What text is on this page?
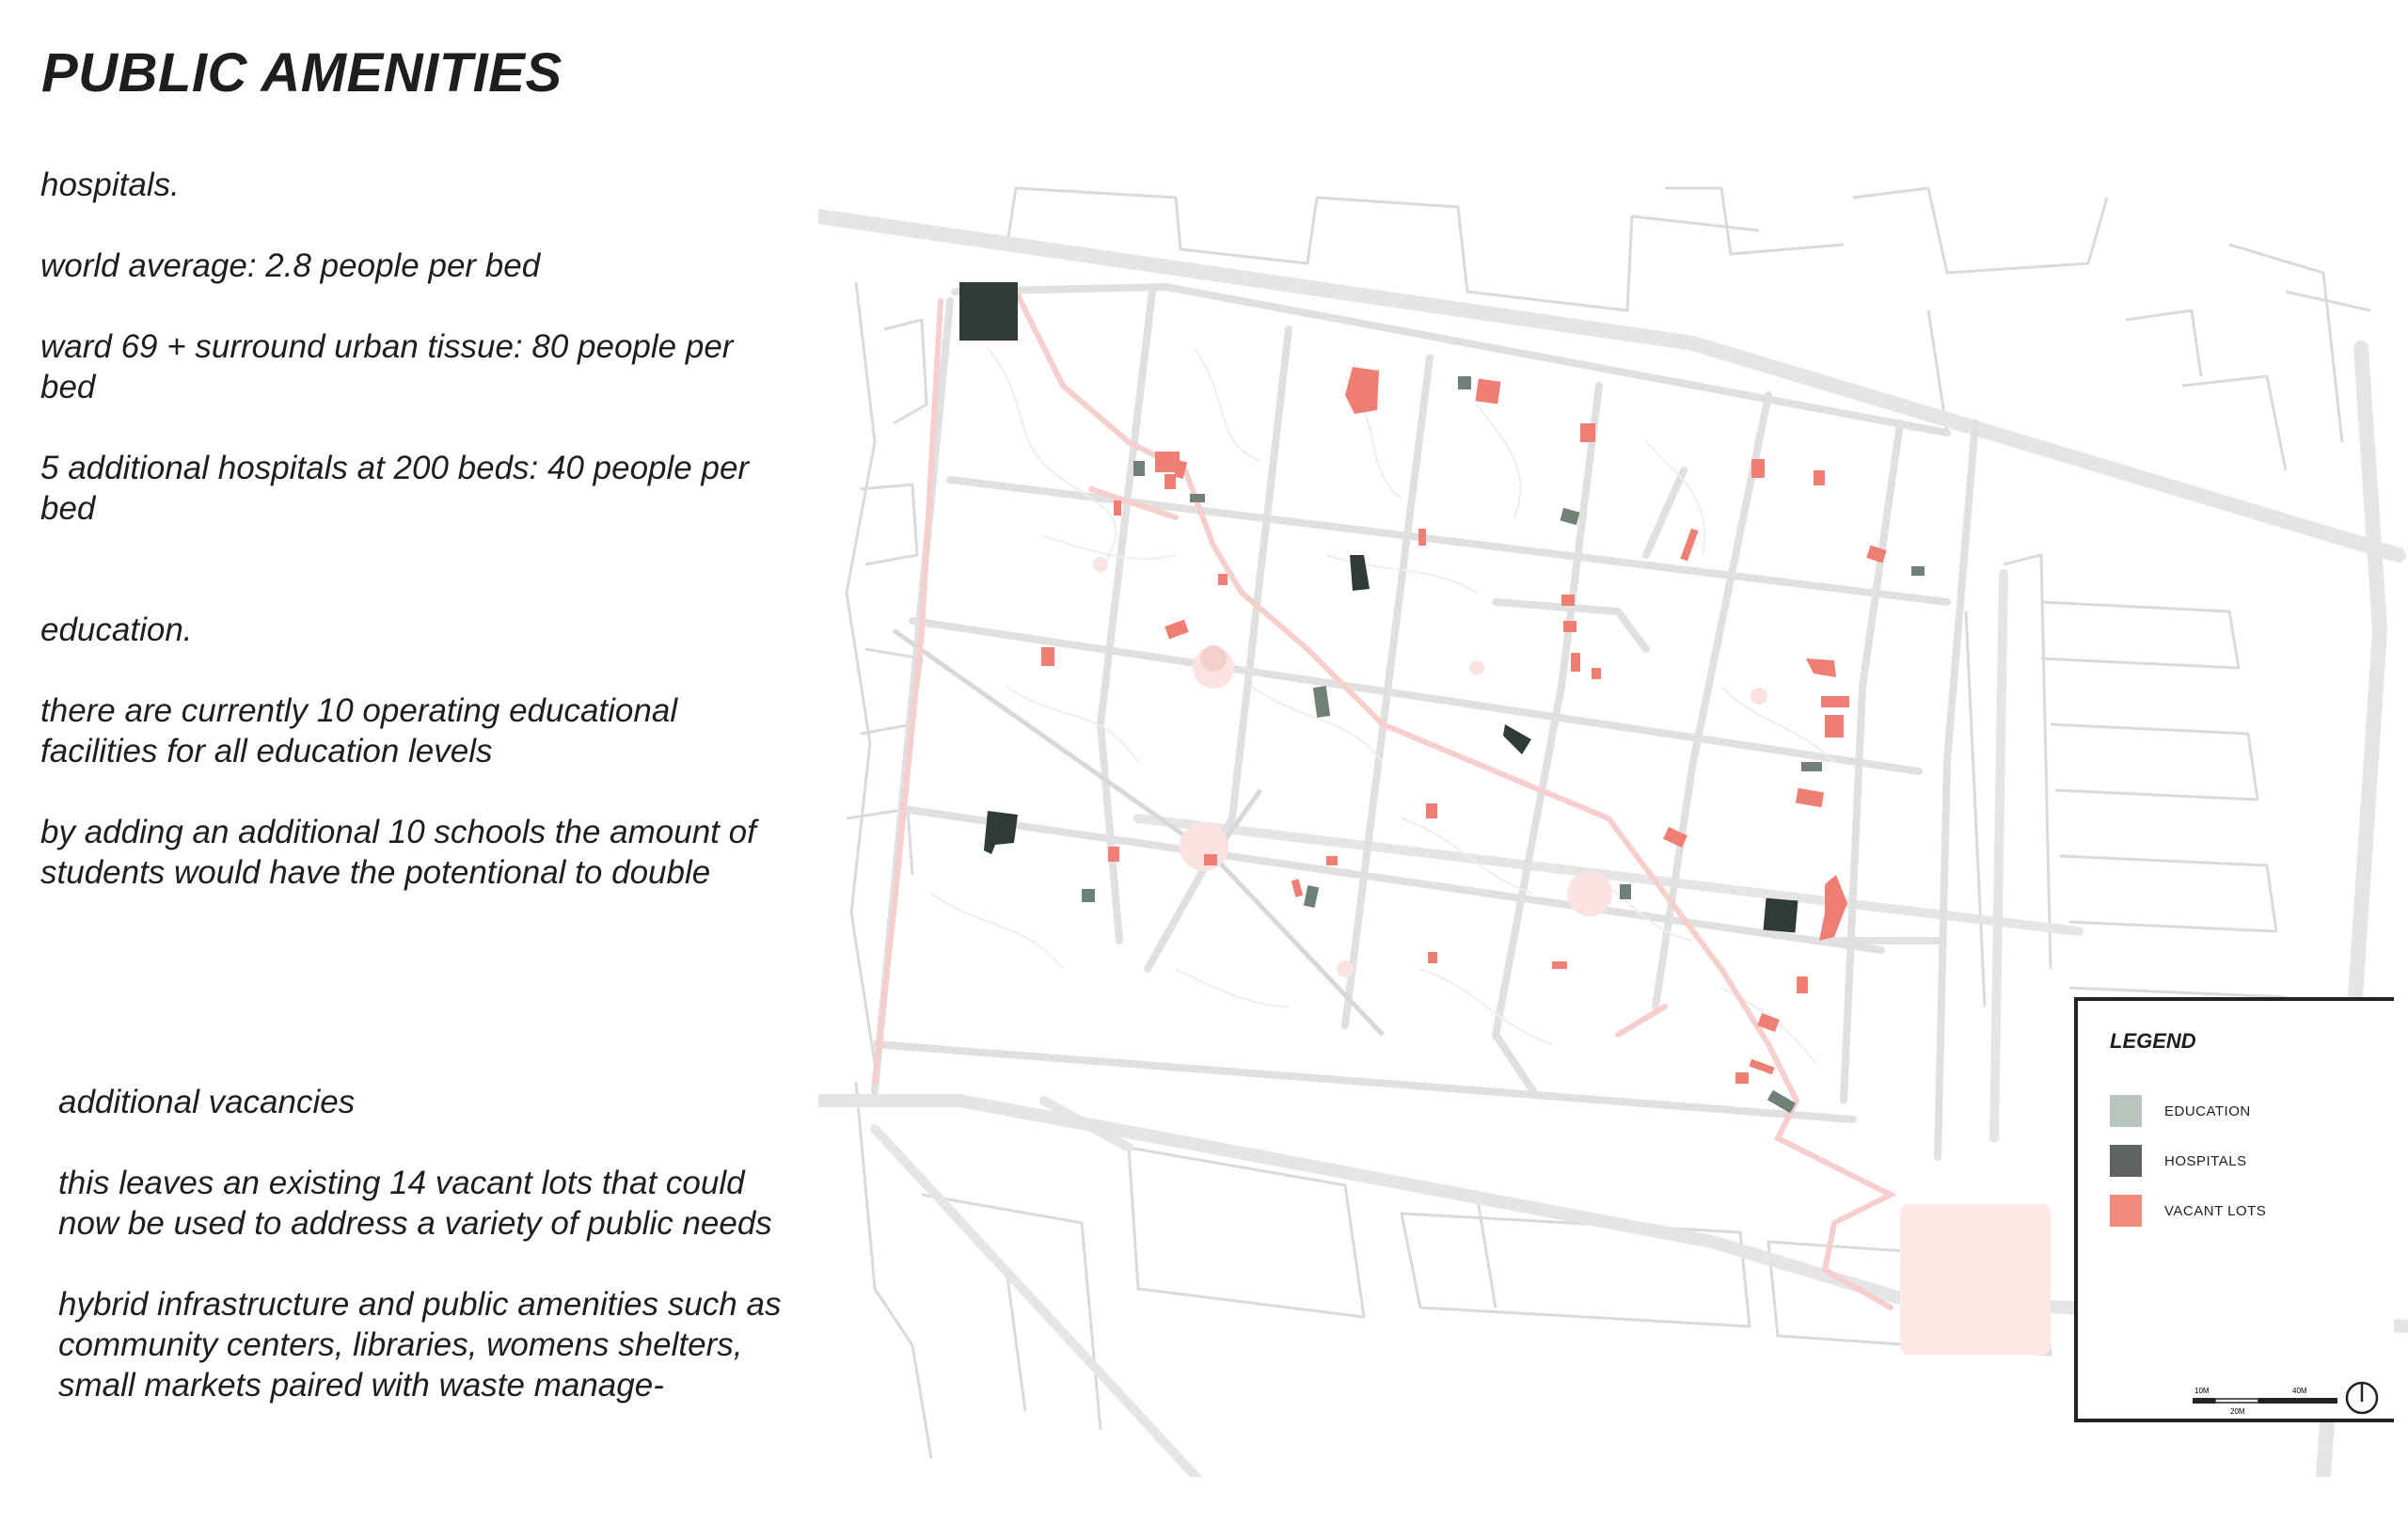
PUBLIC AMENITIES

hospitals.

world average: 2.8 people per bed

ward 69 + surround urban tissue: 80 people per bed

5 additional hospitals at 200 beds: 40 people per bed

education.

there are currently 10 operating educational facilities for all education levels

by adding an additional 10 schools the amount of students would have the potentional to double

additional vacancies

this leaves an existing 14 vacant lots that could now be used to address a variety of public needs

hybrid infrastructure and public amenities such as community centers, libraries, womens shelters, small markets paired with waste manage-

LEGEND
EDUCATION
HOSPITALS
VACANT LOTS
10M	40M
20M
